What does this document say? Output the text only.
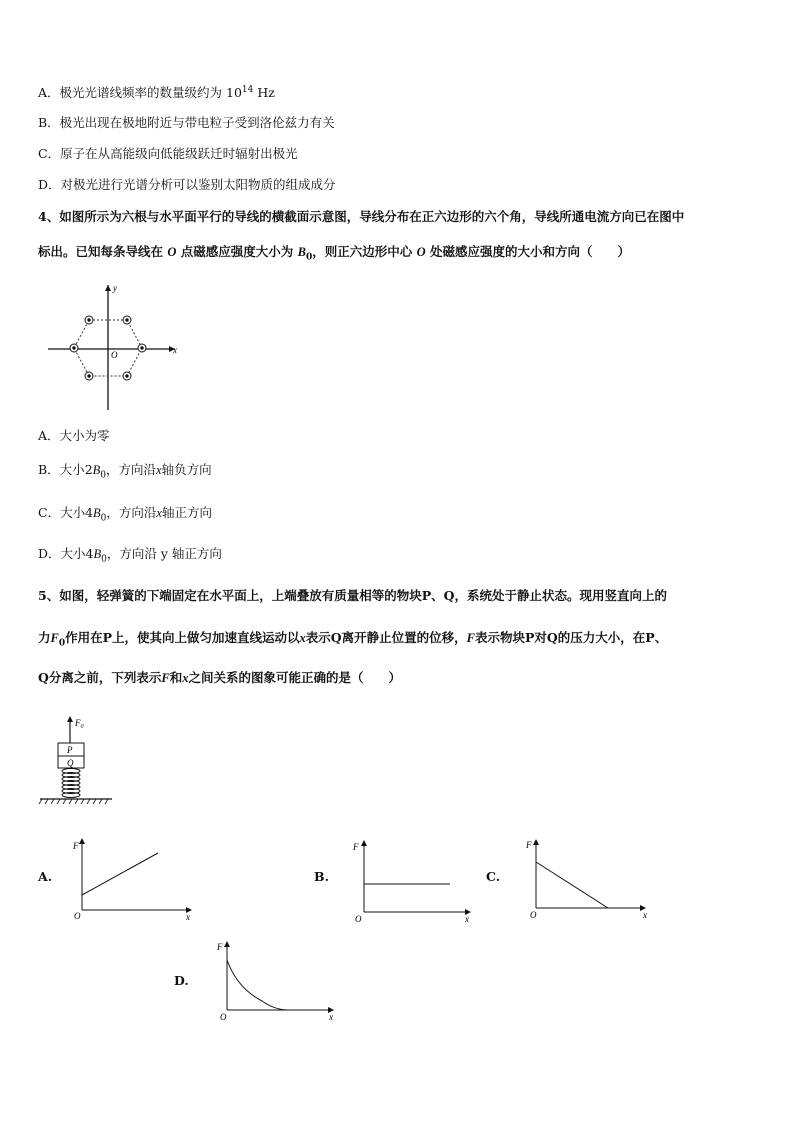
A．极光光谱线频率的数量级约为 $10^{14}$ Hz
B．极光出现在极地附近与带电粒子受到洛伦兹力有关
C．原子在从高能级向低能级跃迁时辐射出极光
D．对极光进行光谱分析可以鉴别太阳物质的组成成分
4、如图所示为六根与水平面平行的导线的横截面示意图，导线分布在正六边形的六个角，导线所通电流方向已在图中
标出。已知每条导线在 O 点磁感应强度大小为 $B_0$，则正六边形中心 O 处磁感应强度的大小和方向（　　）
y
x
O
A．大小为零
B．大小$2B_0$，方向沿x轴负方向
C．大小$4B_0$，方向沿x轴正方向
D．大小$4B_0$，方向沿 y 轴正方向
5、如图，轻弹簧的下端固定在水平面上，上端叠放有质量相等的物块P、Q，系统处于静止状态。现用竖直向上的
力$F_0$作用在P上，使其向上做匀加速直线运动以x表示Q离开静止位置的位移，F表示物块P对Q的压力大小，在P、
Q分离之前，下列表示F和x之间关系的图象可能正确的是（　　）
$F_0$
P
Q
A.
F
x
O
B.
F
x
O
C.
F
x
O
D.
F
x
O
